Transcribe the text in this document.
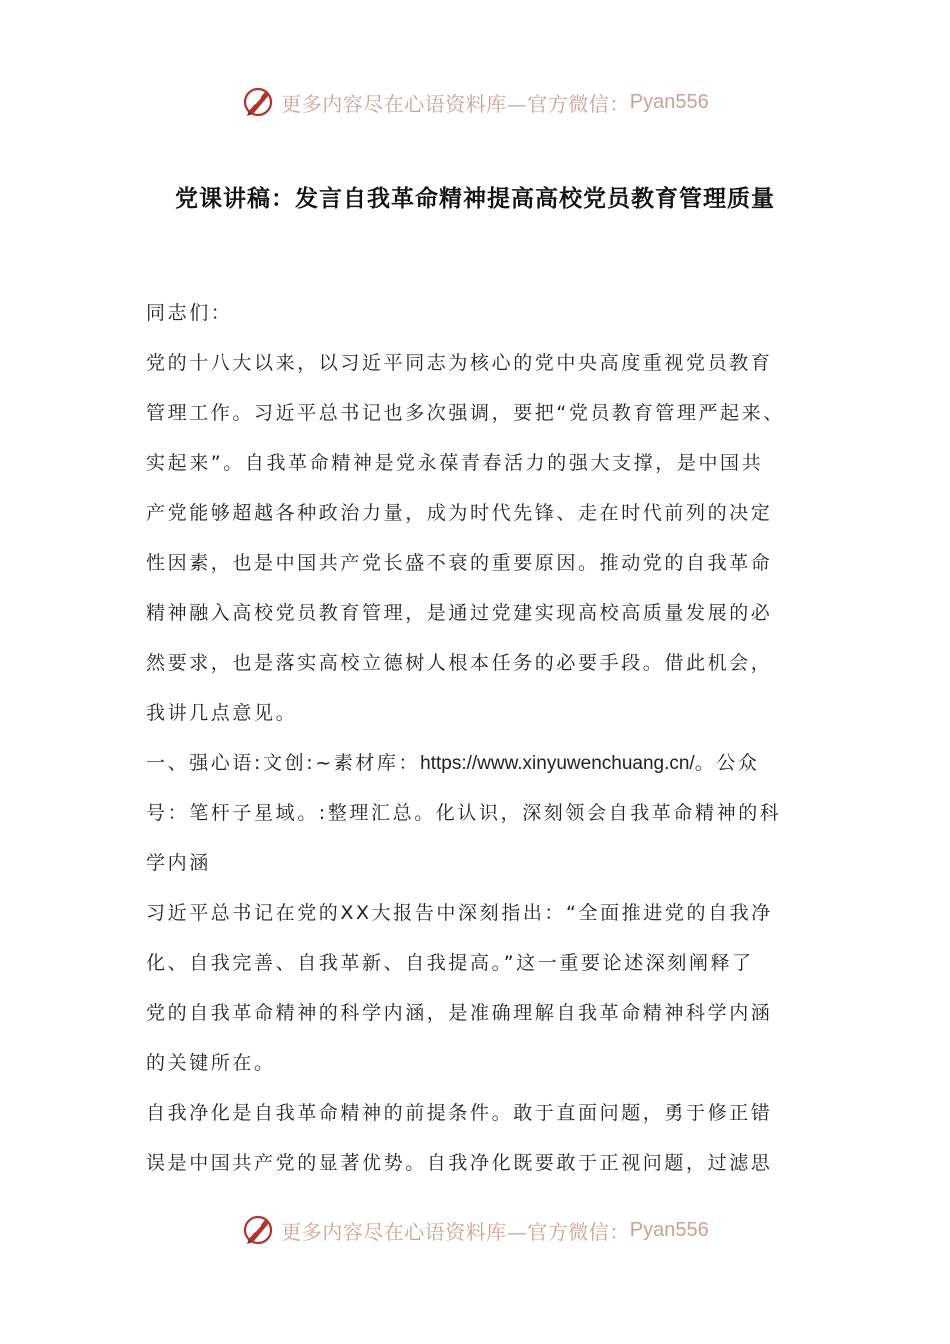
更多内容尽在心语资料库—官方微信： Pyan556
党课讲稿：发言自我革命精神提高高校党员教育管理质量
同志们：
党的十八大以来，以习近平同志为核心的党中央高度重视党员教育
管理工作。习近平总书记也多次强调，要把“党员教育管理严起来、
实起来”。自我革命精神是党永葆青春活力的强大支撑，是中国共
产党能够超越各种政治力量，成为时代先锋、走在时代前列的决定
性因素，也是中国共产党长盛不衰的重要原因。推动党的自我革命
精神融入高校党员教育管理，是通过党建实现高校高质量发展的必
然要求，也是落实高校立德树人根本任务的必要手段。借此机会，
我讲几点意见。
一、强心语:文创:~素材库：https://www.xinyuwenchuang.cn/。公众
号：笔杆子星域。:整理汇总。化认识，深刻领会自我革命精神的科
学内涵
习近平总书记在党的XX大报告中深刻指出：“全面推进党的自我净
化、自我完善、自我革新、自我提高。”这一重要论述深刻阐释了
党的自我革命精神的科学内涵，是准确理解自我革命精神科学内涵
的关键所在。
自我净化是自我革命精神的前提条件。敢于直面问题，勇于修正错
误是中国共产党的显著优势。自我净化既要敢于正视问题，过滤思
更多内容尽在心语资料库—官方微信： Pyan556
